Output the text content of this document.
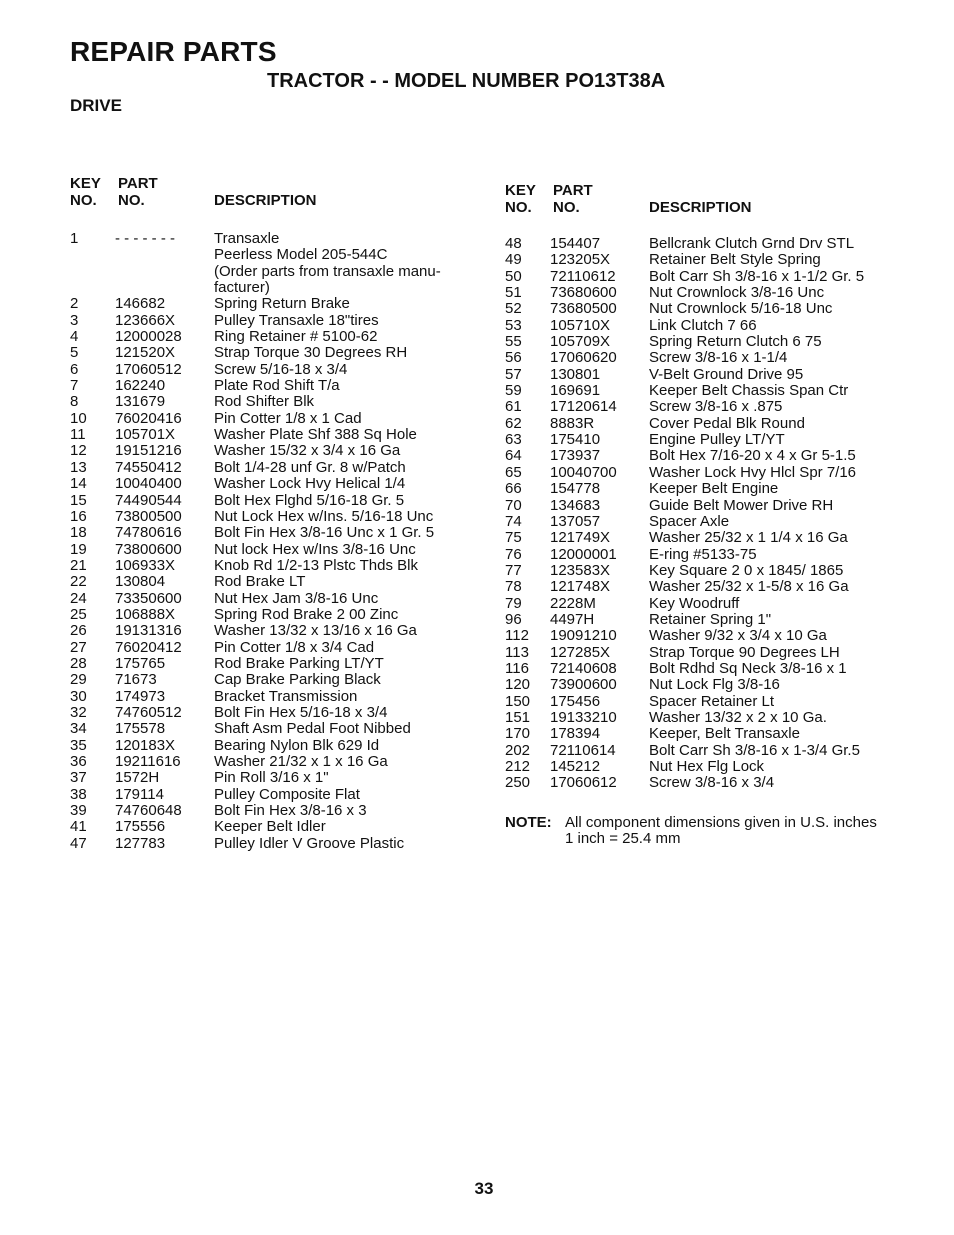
REPAIR PARTS
TRACTOR - - MODEL NUMBER PO13T38A
DRIVE
KEY
NO.
PART
NO.	DESCRIPTION
1 - - - - - - -	Transaxle
Peerless Model 205-544C
(Order parts from transaxle manu-
facturer)
2 146682	Spring Return Brake
3 123666X	Pulley Transaxle 18"tires
4 12000028 Ring Retainer # 5100-62
5 121520X	Strap Torque 30 Degrees RH
6 17060512 Screw 5/16-18 x 3/4
7 162240	Plate Rod Shift T/a
8 131679	Rod Shifter Blk
10 76020416 Pin Cotter 1/8 x 1 Cad
11 105701X	Washer Plate Shf 388 Sq Hole
12 19151216 Washer 15/32 x 3/4 x 16 Ga
13 74550412 Bolt 1/4-28 unf Gr. 8 w/Patch
14 10040400 Washer Lock Hvy Helical 1/4
15 74490544 Bolt Hex Flghd 5/16-18 Gr. 5
16 73800500 Nut Lock Hex w/Ins. 5/16-18 Unc
18 74780616 Bolt Fin Hex 3/8-16 Unc x 1 Gr. 5
19 73800600 Nut lock Hex w/Ins 3/8-16 Unc
21 106933X	Knob Rd 1/2-13 Plstc Thds Blk
22 130804	Rod Brake LT
24 73350600 Nut Hex Jam 3/8-16 Unc
25 106888X	Spring Rod Brake 2 00 Zinc
26 19131316 Washer 13/32 x 13/16 x 16 Ga
27 76020412 Pin Cotter 1/8 x 3/4 Cad
28 175765	Rod Brake Parking LT/YT
29 71673	Cap Brake Parking Black
30 174973	Bracket Transmission
32 74760512 Bolt Fin Hex 5/16-18 x 3/4
34 175578	Shaft Asm Pedal Foot Nibbed
35 120183X	Bearing Nylon Blk 629 Id
36 19211616 Washer 21/32 x 1 x 16 Ga
37 1572H	Pin Roll 3/16 x 1"
38 179114	Pulley Composite Flat
39 74760648 Bolt Fin Hex 3/8-16 x 3
41 175556	Keeper Belt Idler
47 127783	Pulley Idler V Groove Plastic
KEY
NO.
PART
NO.	DESCRIPTION
48 154407	Bellcrank Clutch Grnd Drv STL
49 123205X	Retainer Belt Style Spring
50 72110612 Bolt Carr Sh 3/8-16 x 1-1/2 Gr. 5
51 73680600 Nut Crownlock 3/8-16 Unc
52 73680500 Nut Crownlock 5/16-18 Unc
53 105710X	Link Clutch 7 66
55 105709X	Spring Return Clutch 6 75
56 17060620 Screw 3/8-16 x 1-1/4
57 130801	V-Belt Ground Drive 95
59 169691	Keeper Belt Chassis Span Ctr
61 17120614 Screw 3/8-16 x .875
62 8883R	Cover Pedal Blk Round
63 175410	Engine Pulley LT/YT
64 173937	Bolt Hex 7/16-20 x 4 x Gr 5-1.5
65 10040700 Washer Lock Hvy Hlcl Spr 7/16
66 154778	Keeper Belt Engine
70 134683	Guide Belt Mower Drive RH
74 137057	Spacer Axle
75 121749X	Washer 25/32 x 1 1/4 x 16 Ga
76 12000001 E-ring #5133-75
77 123583X	Key Square 2 0 x 1845/ 1865
78 121748X	Washer 25/32 x 1-5/8 x 16 Ga
79 2228M	Key Woodruff
96 4497H	Retainer Spring 1"
112 19091210 Washer 9/32 x 3/4 x 10 Ga
113 127285X	Strap Torque 90 Degrees LH
116 72140608 Bolt Rdhd Sq Neck 3/8-16 x 1
120 73900600 Nut Lock Flg 3/8-16
150 175456	Spacer Retainer Lt
151 19133210 Washer 13/32 x 2 x 10 Ga.
170 178394	Keeper, Belt Transaxle
202 72110614 Bolt Carr Sh 3/8-16 x 1-3/4 Gr.5
212 145212	Nut Hex Flg Lock
250 17060612 Screw 3/8-16 x 3/4
NOTE: All component dimensions given in U.S. inches
1 inch = 25.4 mm
33
